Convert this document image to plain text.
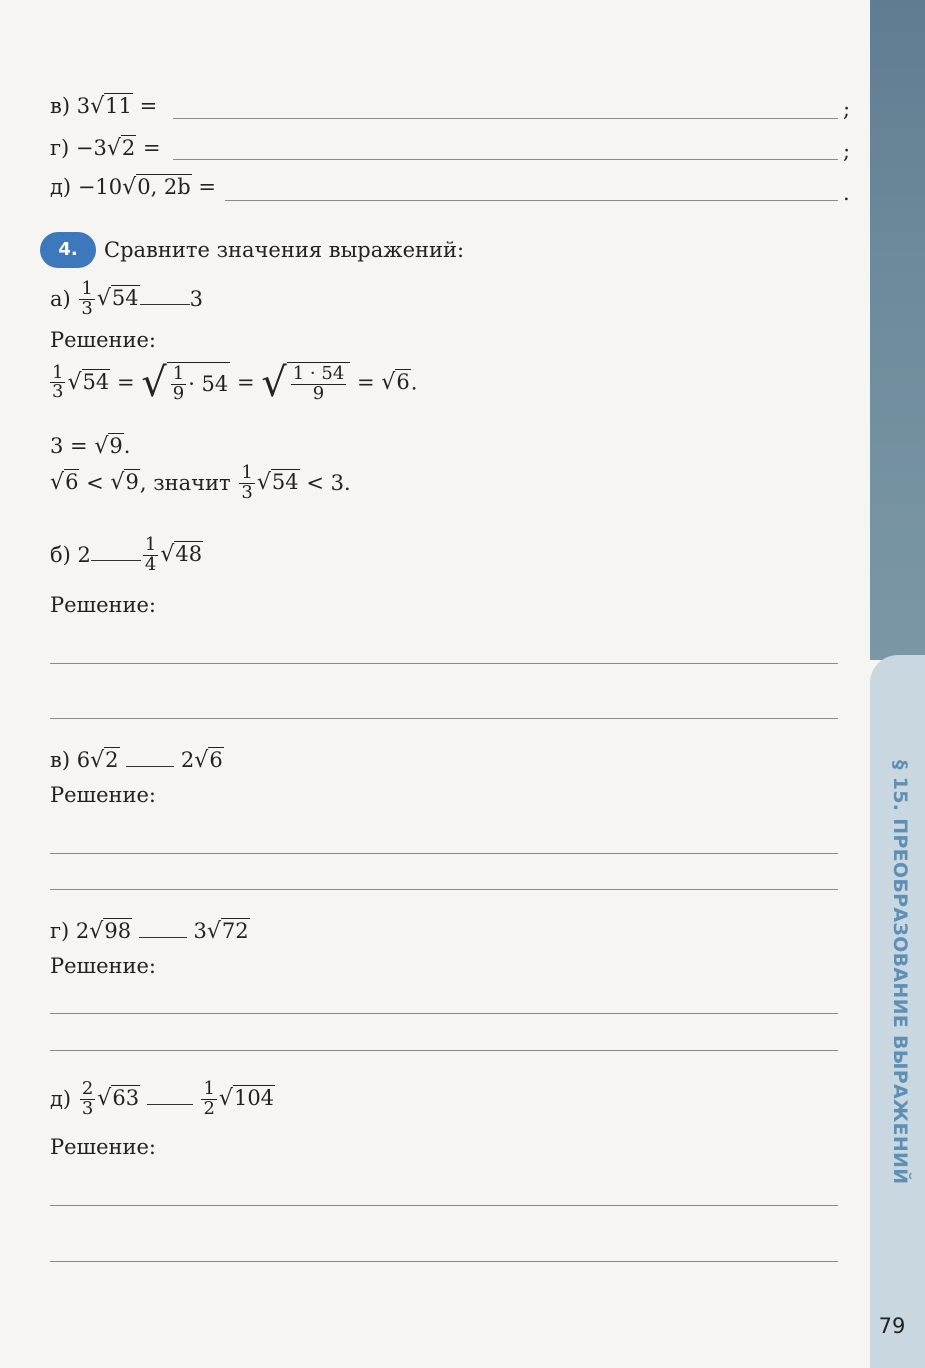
§ 15. ПРЕОБРАЗОВАНИЕ ВЫРАЖЕНИЙ
79
в) 3√11 =	;
г) −3√2 =	;
д) −10√0, 2b =	.
4.	Сравните значения выражений:
$а) \frac{1}{3} √54$ 3
Решение:
$\frac{1}{3} √54$ = √ $\frac{1}{9} \cdot 54$ = √ $\frac{1 \cdot 54}{9} = √6$.
3 = √9.
√6 < √9, значит $\frac{1}{3} √54 < 3$.
б) 2	$\frac{1}{4} √48$
Решение:
в) 6√2	2√6
Решение:
г) 2√98	3√72
Решение:
$д) \frac{2}{3} √63$	$\frac{1}{2} √104$
Решение:
